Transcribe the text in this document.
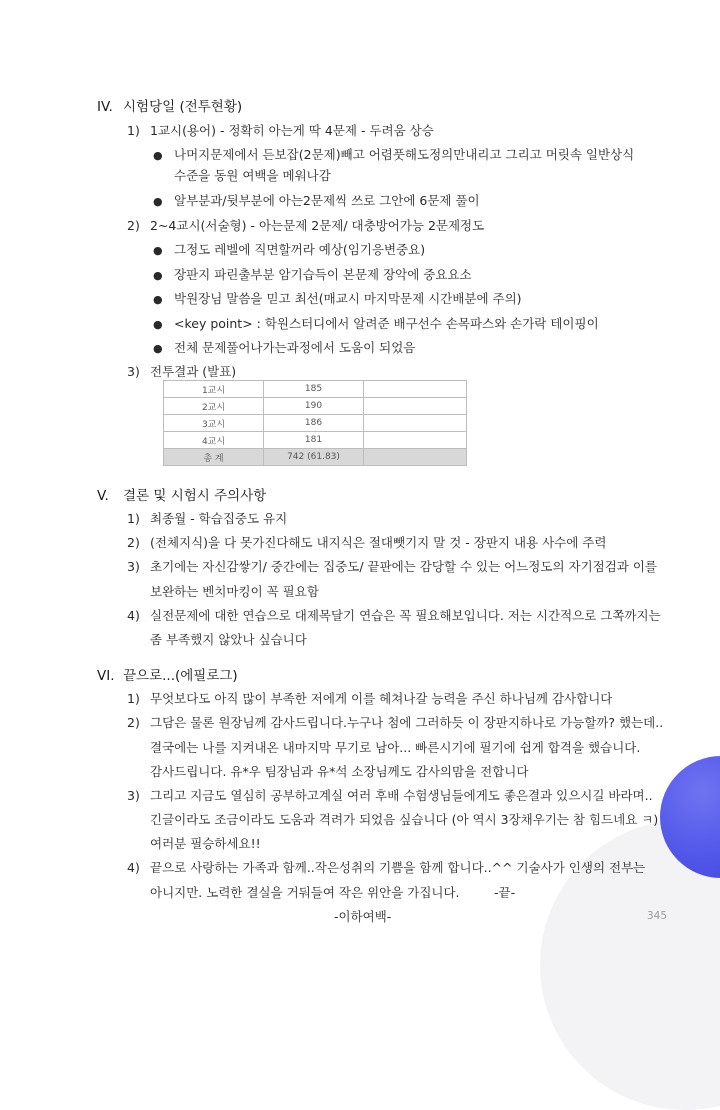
IV. 시험당일 (전투현황)
1) 1교시(용어) - 정확히 아는게 딱 4문제 - 두려움 상승
● 나머지문제에서 든보잡(2문제)빼고 어렴풋해도정의만내리고 그리고 머릿속 일반상식
수준을 동원 여백을 메워나감
● 알부분과/뒷부분에 아는2문제씩 쓰로 그안에 6문제 풀이
2) 2~4교시(서술형) - 아는문제 2문제/ 대충방어가능 2문제정도
● 그정도 레벨에 직면할꺼라 예상(임기응변중요)
● 장판지 파린출부분 암기습득이 본문제 장악에 중요요소
● 박원장님 말씀을 믿고 최선(매교시 마지막문제 시간배분에 주의)
● <key point> : 학원스터디에서 알려준 배구선수 손목파스와 손가락 테이핑이
● 전체 문제풀어나가는과정에서 도움이 되었음
3) 전투결과 (발표)
1교시	185	
2교시	190	
3교시	186	
4교시	181	
총 계	742 (61.83)	
V. 결론 및 시험시 주의사항
1) 최종월 - 학습집중도 유지
2) (전체지식)을 다 못가진다해도 내지식은 절대뺏기지 말 것 - 장판지 내용 사수에 주력
3) 초기에는 자신감쌓기/ 중간에는 집중도/ 끝판에는 감당할 수 있는 어느정도의 자기점검과 이를
보완하는 벤치마킹이 꼭 필요함
4) 실전문제에 대한 연습으로 대제목달기 연습은 꼭 필요해보입니다. 저는 시간적으로 그쪽까지는
좀 부족했지 않았나 싶습니다
VI. 끝으로...(에필로그)
1) 무엇보다도 아직 많이 부족한 저에게 이를 헤쳐나갈 능력을 주신 하나님께 감사합니다
2) 그담은 물론 원장님께 감사드립니다.누구나 첨에 그러하듯 이 장판지하나로 가능할까? 했는데..
결국에는 나를 지켜내온 내마지막 무기로 남아... 빠른시기에 필기에 쉽게 합격을 했습니다.
감사드립니다. 유*우 팀장님과 유*석 소장님께도 감사의맘을 전합니다
3) 그리고 지금도 열심히 공부하고계실 여러 후배 수험생님들에게도 좋은결과 있으시길 바라며..
긴글이라도 조금이라도 도움과 격려가 되었음 싶습니다 (아 역시 3장채우기는 참 힘드네요 ㅋ)
여러분 필승하세요!!
4) 끝으로 사랑하는 가족과 함께..작은성취의 기쁨을 함께 합니다..^^ 기술사가 인생의 전부는
아니지만. 노력한 결실을 거둬들여 작은 위안을 가집니다.	-끝-
-이하여백-	345
